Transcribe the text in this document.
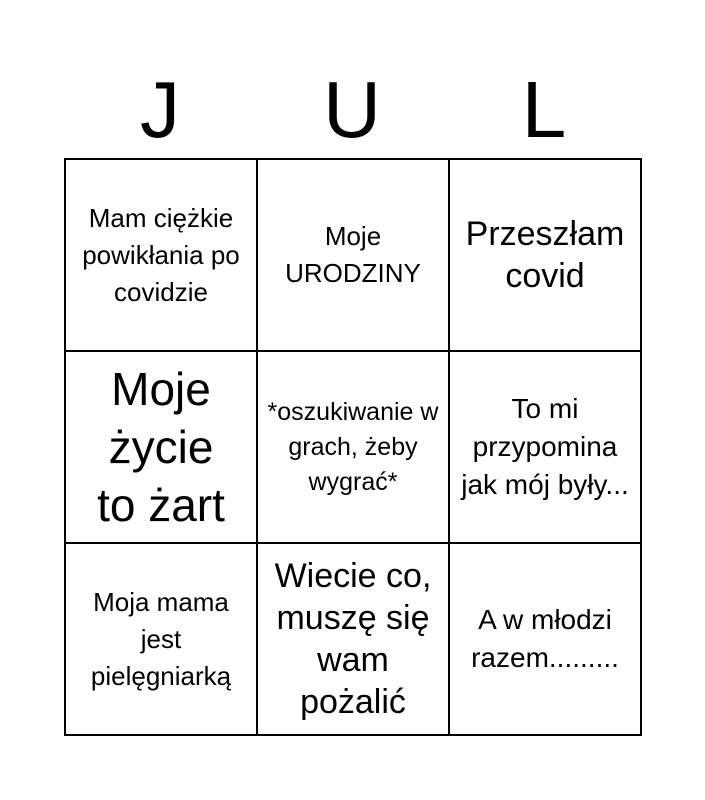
J	U	L
Mam ciężkie powikłania po covidzie
Moje URODZINY
Przeszłam covid
Moje życie to żart
*oszukiwanie w grach, żeby wygrać*
To mi przypomina jak mój były...
Moja mama jest pielęgniarką
Wiecie co, muszę się wam pożalić
A w młodzi razem.........
